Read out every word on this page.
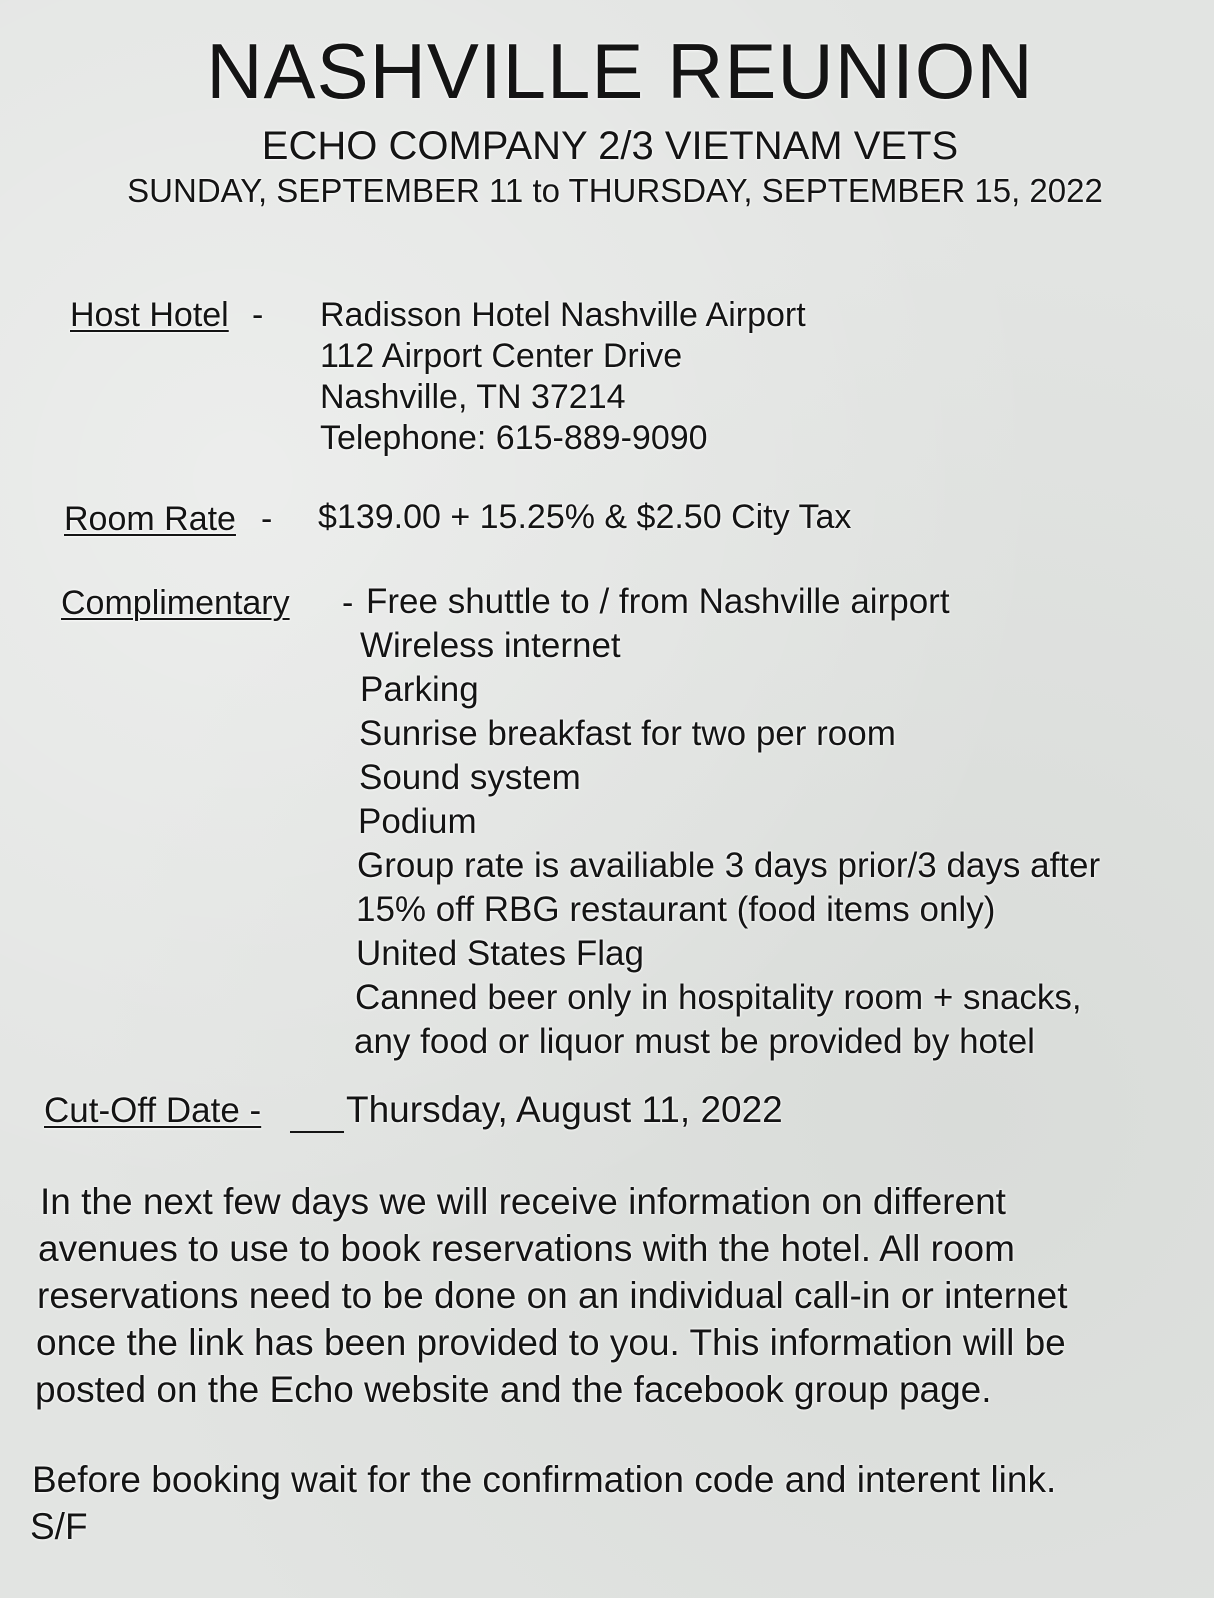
NASHVILLE REUNION
ECHO COMPANY 2/3 VIETNAM VETS
SUNDAY, SEPTEMBER 11 to THURSDAY, SEPTEMBER 15, 2022
Host Hotel - Radisson Hotel Nashville Airport
112 Airport Center Drive
Nashville, TN 37214
Telephone: 615-889-9090
Room Rate - $139.00 + 15.25% & $2.50 City Tax
Complimentary - Free shuttle to / from Nashville airport
Wireless internet
Parking
Sunrise breakfast for two per room
Sound system
Podium
Group rate is availiable 3 days prior/3 days after
15% off RBG restaurant (food items only)
United States Flag
Canned beer only in hospitality room + snacks,
any food or liquor must be provided by hotel
Cut-Off Date - Thursday, August 11, 2022
In the next few days we will receive information on different
avenues to use to book reservations with the hotel. All room
reservations need to be done on an individual call-in or internet
once the link has been provided to you. This information will be
posted on the Echo website and the facebook group page.
Before booking wait for the confirmation code and interent link.
S/F
